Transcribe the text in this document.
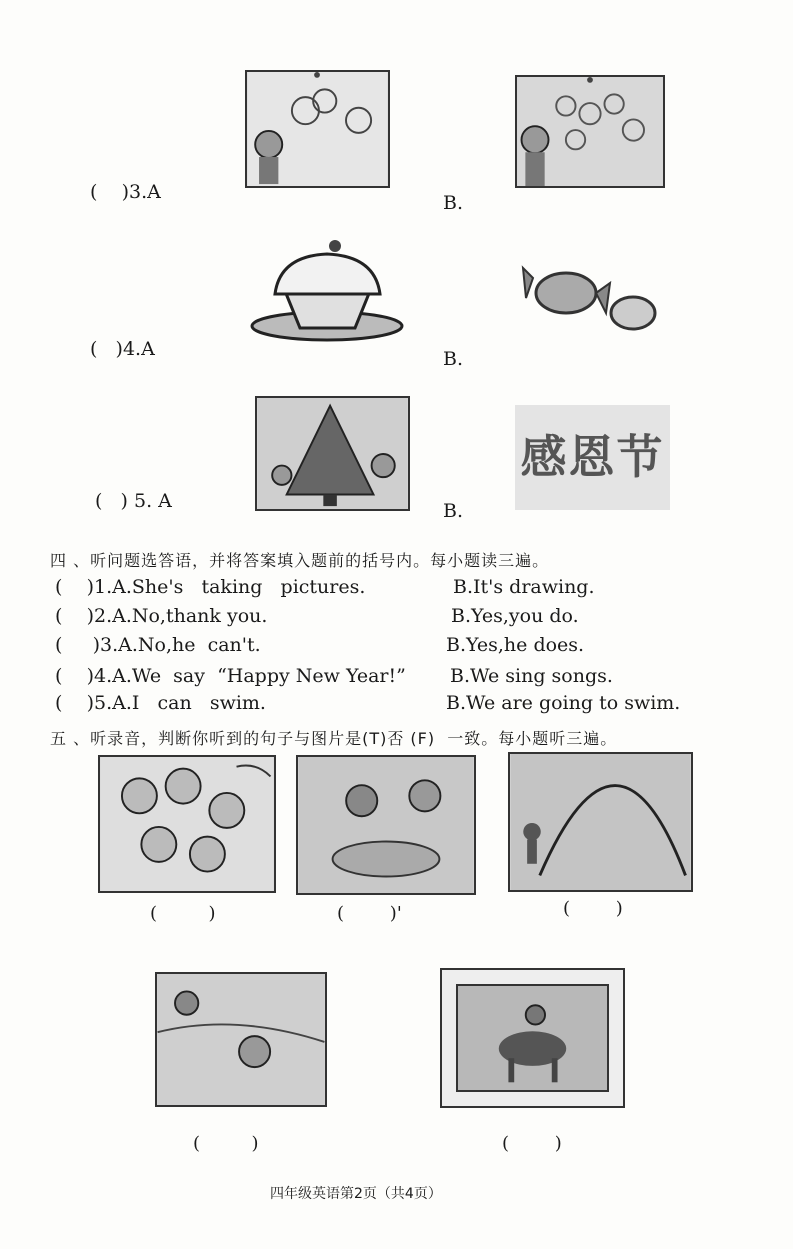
(    )3.A	B.
(   )4.A	B.
(   ) 5. A
感恩节
B.
四 、听问题选答语，并将答案填入题前的括号内。每小题读三遍。
(    )1.A.She's   taking   pictures.	B.It's drawing.
(    )2.A.No,thank you.	B.Yes,you do.
(     )3.A.No,he  can't.	B.Yes,he does.
(    )4.A.We  say  “Happy New Year!” B.We sing songs.
(    )5.A.I   can   swim.	B.We are going to swim.
五 、听录音，判断你听到的句子与图片是(T)否 (F)  一致。每小题听三遍。
(         )	(        )'	(        )
(         )	(        )
四年级英语第2页（共4页）
